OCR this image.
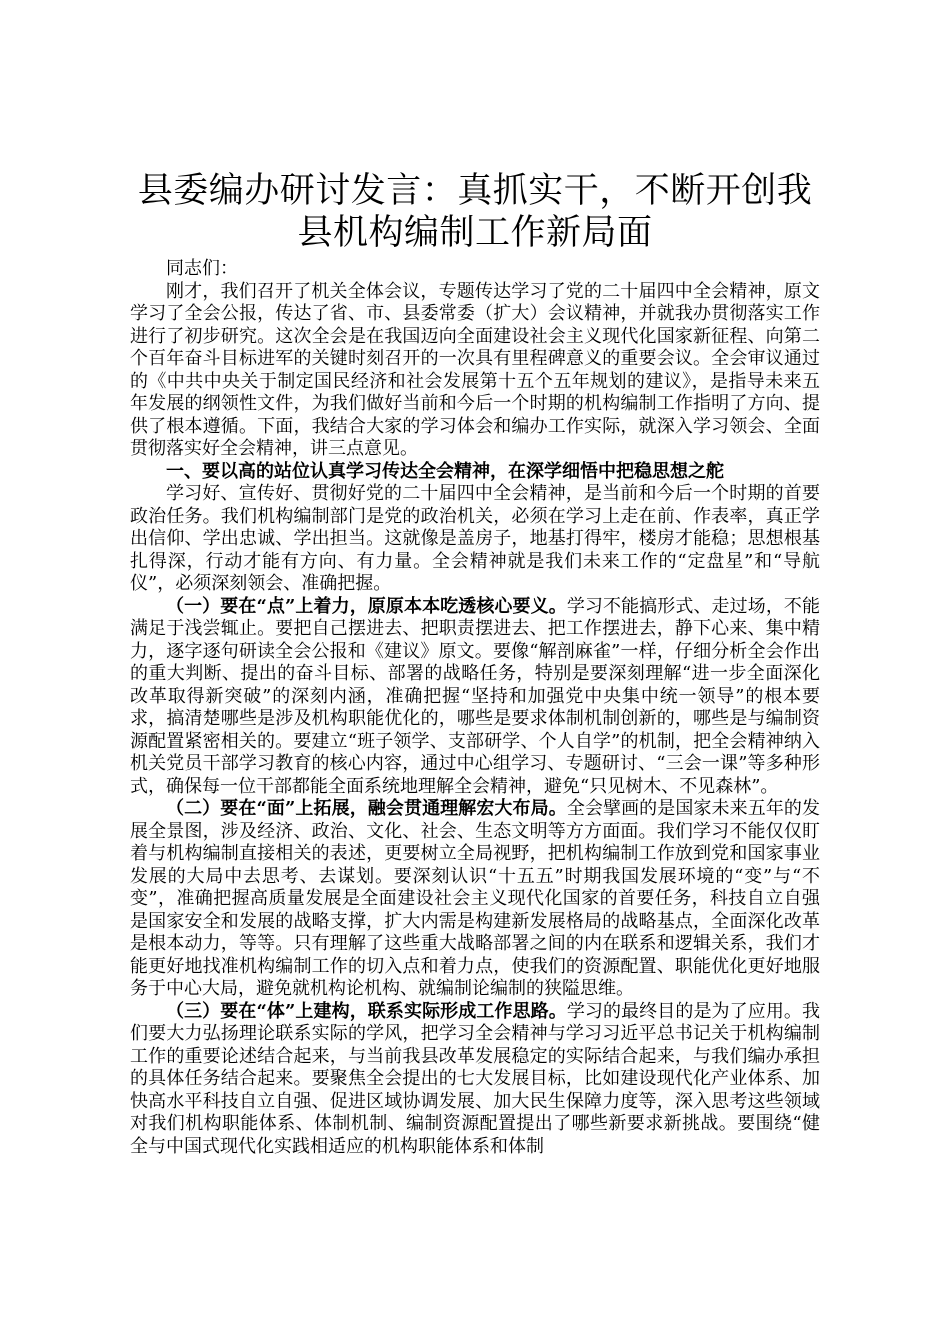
县委编办研讨发言：真抓实干，不断开创我县机构编制工作新局面

同志们：

刚才，我们召开了机关全体会议，专题传达学习了党的二十届四中全会精神，原文学习了全会公报，传达了省、市、县委常委（扩大）会议精神，并就我办贯彻落实工作进行了初步研究。这次全会是在我国迈向全面建设社会主义现代化国家新征程、向第二个百年奋斗目标进军的关键时刻召开的一次具有里程碑意义的重要会议。全会审议通过的《中共中央关于制定国民经济和社会发展第十五个五年规划的建议》，是指导未来五年发展的纲领性文件，为我们做好当前和今后一个时期的机构编制工作指明了方向、提供了根本遵循。下面，我结合大家的学习体会和编办工作实际，就深入学习领会、全面贯彻落实好全会精神，讲三点意见。

一、要以高的站位认真学习传达全会精神，在深学细悟中把稳思想之舵

学习好、宣传好、贯彻好党的二十届四中全会精神，是当前和今后一个时期的首要政治任务。我们机构编制部门是党的政治机关，必须在学习上走在前、作表率，真正学出信仰、学出忠诚、学出担当。这就像是盖房子，地基打得牢，楼房才能稳；思想根基扎得深，行动才能有方向、有力量。全会精神就是我们未来工作的“定盘星”和“导航仪”，必须深刻领会、准确把握。

（一）要在“点”上着力，原原本本吃透核心要义。学习不能搞形式、走过场，不能满足于浅尝辄止。要把自己摆进去、把职责摆进去、把工作摆进去，静下心来、集中精力，逐字逐句研读全会公报和《建议》原文。要像“解剖麻雀”一样，仔细分析全会作出的重大判断、提出的奋斗目标、部署的战略任务，特别是要深刻理解“进一步全面深化改革取得新突破”的深刻内涵，准确把握“坚持和加强党中央集中统一领导”的根本要求，搞清楚哪些是涉及机构职能优化的，哪些是要求体制机制创新的，哪些是与编制资源配置紧密相关的。要建立“班子领学、支部研学、个人自学”的机制，把全会精神纳入机关党员干部学习教育的核心内容，通过中心组学习、专题研讨、“三会一课”等多种形式，确保每一位干部都能全面系统地理解全会精神，避免“只见树木、不见森林”。

（二）要在“面”上拓展，融会贯通理解宏大布局。全会擘画的是国家未来五年的发展全景图，涉及经济、政治、文化、社会、生态文明等方方面面。我们学习不能仅仅盯着与机构编制直接相关的表述，更要树立全局视野，把机构编制工作放到党和国家事业发展的大局中去思考、去谋划。要深刻认识“十五五”时期我国发展环境的“变”与“不变”，准确把握高质量发展是全面建设社会主义现代化国家的首要任务，科技自立自强是国家安全和发展的战略支撑，扩大内需是构建新发展格局的战略基点，全面深化改革是根本动力，等等。只有理解了这些重大战略部署之间的内在联系和逻辑关系，我们才能更好地找准机构编制工作的切入点和着力点，使我们的资源配置、职能优化更好地服务于中心大局，避免就机构论机构、就编制论编制的狭隘思维。

（三）要在“体”上建构，联系实际形成工作思路。学习的最终目的是为了应用。我们要大力弘扬理论联系实际的学风，把学习全会精神与学习习近平总书记关于机构编制工作的重要论述结合起来，与当前我县改革发展稳定的实际结合起来，与我们编办承担的具体任务结合起来。要聚焦全会提出的七大发展目标，比如建设现代化产业体系、加快高水平科技自立自强、促进区域协调发展、加大民生保障力度等，深入思考这些领域对我们机构职能体系、体制机制、编制资源配置提出了哪些新要求新挑战。要围绕“健全与中国式现代化实践相适应的机构职能体系和体制
